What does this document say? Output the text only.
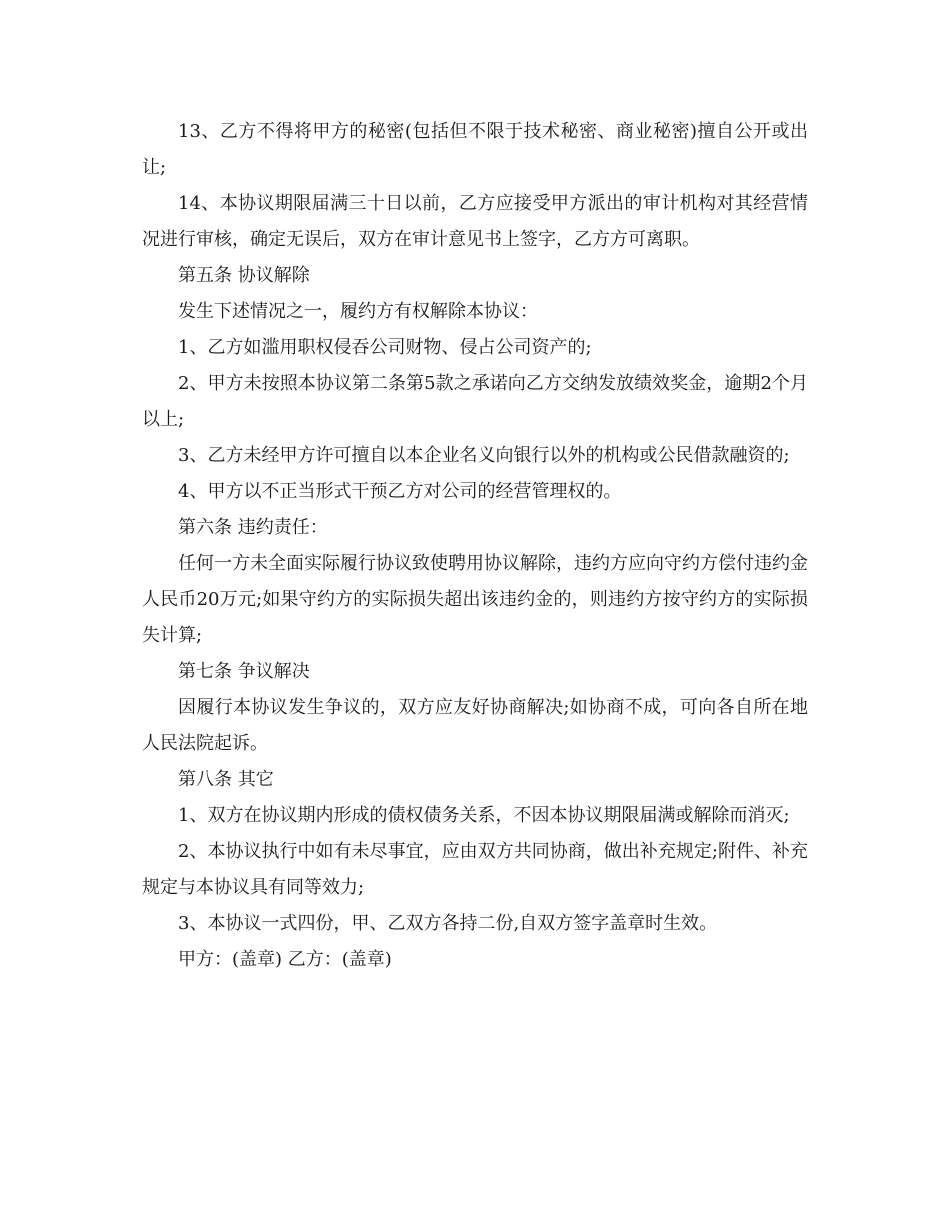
13、乙方不得将甲方的秘密(包括但不限于技术秘密、商业秘密)擅自公开或出让;

14、本协议期限届满三十日以前，乙方应接受甲方派出的审计机构对其经营情况进行审核，确定无误后，双方在审计意见书上签字，乙方方可离职。

第五条 协议解除

发生下述情况之一，履约方有权解除本协议：

1、乙方如滥用职权侵吞公司财物、侵占公司资产的;

2、甲方未按照本协议第二条第5款之承诺向乙方交纳发放绩效奖金，逾期2个月以上;

3、乙方未经甲方许可擅自以本企业名义向银行以外的机构或公民借款融资的;

4、甲方以不正当形式干预乙方对公司的经营管理权的。

第六条 违约责任：

任何一方未全面实际履行协议致使聘用协议解除，违约方应向守约方偿付违约金人民币20万元;如果守约方的实际损失超出该违约金的，则违约方按守约方的实际损失计算;

第七条 争议解决

因履行本协议发生争议的，双方应友好协商解决;如协商不成，可向各自所在地人民法院起诉。

第八条 其它

1、双方在协议期内形成的债权债务关系，不因本协议期限届满或解除而消灭;

2、本协议执行中如有未尽事宜，应由双方共同协商，做出补充规定;附件、补充规定与本协议具有同等效力;

3、本协议一式四份，甲、乙双方各持二份,自双方签字盖章时生效。

甲方：(盖章) 乙方：(盖章)
